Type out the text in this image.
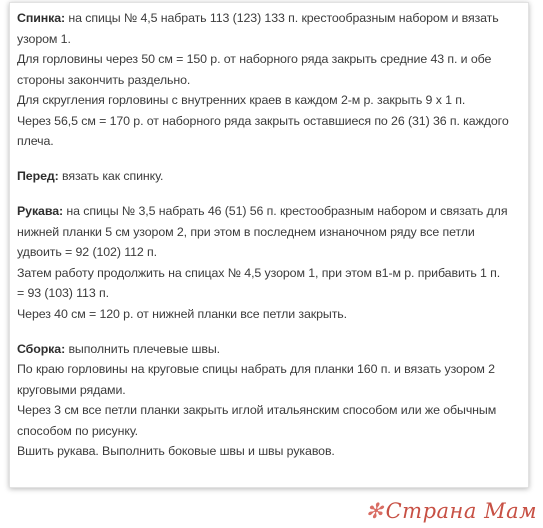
Спинка: на спицы № 4,5 набрать 113 (123) 133 п. крестообразным набором и вязать
узором 1.

Для горловины через 50 см = 150 р. от наборного ряда закрыть средние 43 п. и обе
стороны закончить раздельно.

Для скругления горловины с внутренних краев в каждом 2-м р. закрыть 9 х 1 п.

Через 56,5 см = 170 р. от наборного ряда закрыть оставшиеся по 26 (31) 36 п. каждого
плеча.

Перед: вязать как спинку.

Рукава: на спицы № 3,5 набрать 46 (51) 56 п. крестообразным набором и связать для
нижней планки 5 см узором 2, при этом в последнем изнаночном ряду все петли
удвоить = 92 (102) 112 п.

Затем работу продолжить на спицах № 4,5 узором 1, при этом в1-м р. прибавить 1 п.
= 93 (103) 113 п.

Через 40 см = 120 р. от нижней планки все петли закрыть.

Сборка: выполнить плечевые швы.

По краю горловины на круговые спицы набрать для планки 160 п. и вязать узором 2
круговыми рядами.

Через 3 см все петли планки закрыть иглой итальянским способом или же обычным
способом по рисунку.

Вшить рукава. Выполнить боковые швы и швы рукавов.

✻Страна Мам
